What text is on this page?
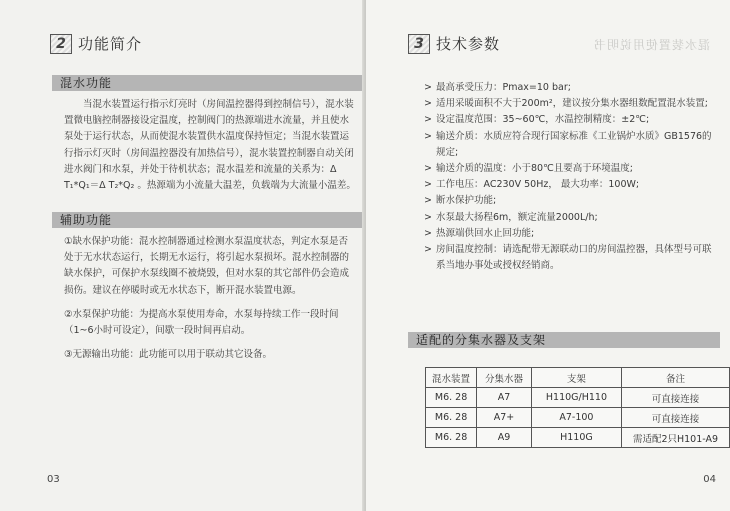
2 功能简介
混水功能
当混水装置运行指示灯亮时（房间温控器得到控制信号），混水装置微电脑控制器接设定温度，控制阀门的热源端进水流量，并且使水泵处于运行状态，从而使混水装置供水温度保持恒定；当混水装置运行指示灯灭时（房间温控器没有加热信号），混水装置控制器自动关闭进水阀门和水泵，并处于待机状态；混水温差和流量的关系为：Δ T₁*Q₁＝Δ T₂*Q₂ 。热源端为小流量大温差，负载端为大流量小温差。
辅助功能
①缺水保护功能：混水控制器通过检测水泵温度状态，判定水泵是否处于无水状态运行，长期无水运行，将引起水泵损坏。混水控制器的缺水保护，可保护水泵线圈不被烧毁，但对水泵的其它部件仍会造成损伤。建议在停暖时或无水状态下，断开混水装置电源。
②水泵保护功能：为提高水泵使用寿命，水泵每持续工作一段时间（1~6小时可设定），间歇一段时间再启动。
③无源输出功能：此功能可以用于联动其它设备。
03
混水装置使用说明书
3 技术参数
> 最高承受压力：Pmax=10 bar;
> 适用采暖面积不大于200m²，建议按分集水器组数配置混水装置;
> 设定温度范围：35~60℃，水温控制精度：±2℃;
> 输送介质：水质应符合现行国家标准《工业锅炉水质》GB1576的规定;
> 输送介质的温度：小于80℃且要高于环境温度;
> 工作电压：AC230V 50Hz， 最大功率：100W;
> 断水保护功能;
> 水泵最大扬程6m，额定流量2000L/h;
> 热源端供回水止回功能;
> 房间温度控制：请选配带无源联动口的房间温控器，具体型号可联系当地办事处或授权经销商。
适配的分集水器及支架
混水装置	分集水器	支架	备注
M6. 28	A7	H110G/H110	可直接连接
M6. 28	A7+	A7-100	可直接连接
M6. 28	A9	H110G	需适配2只H101-A9
04
